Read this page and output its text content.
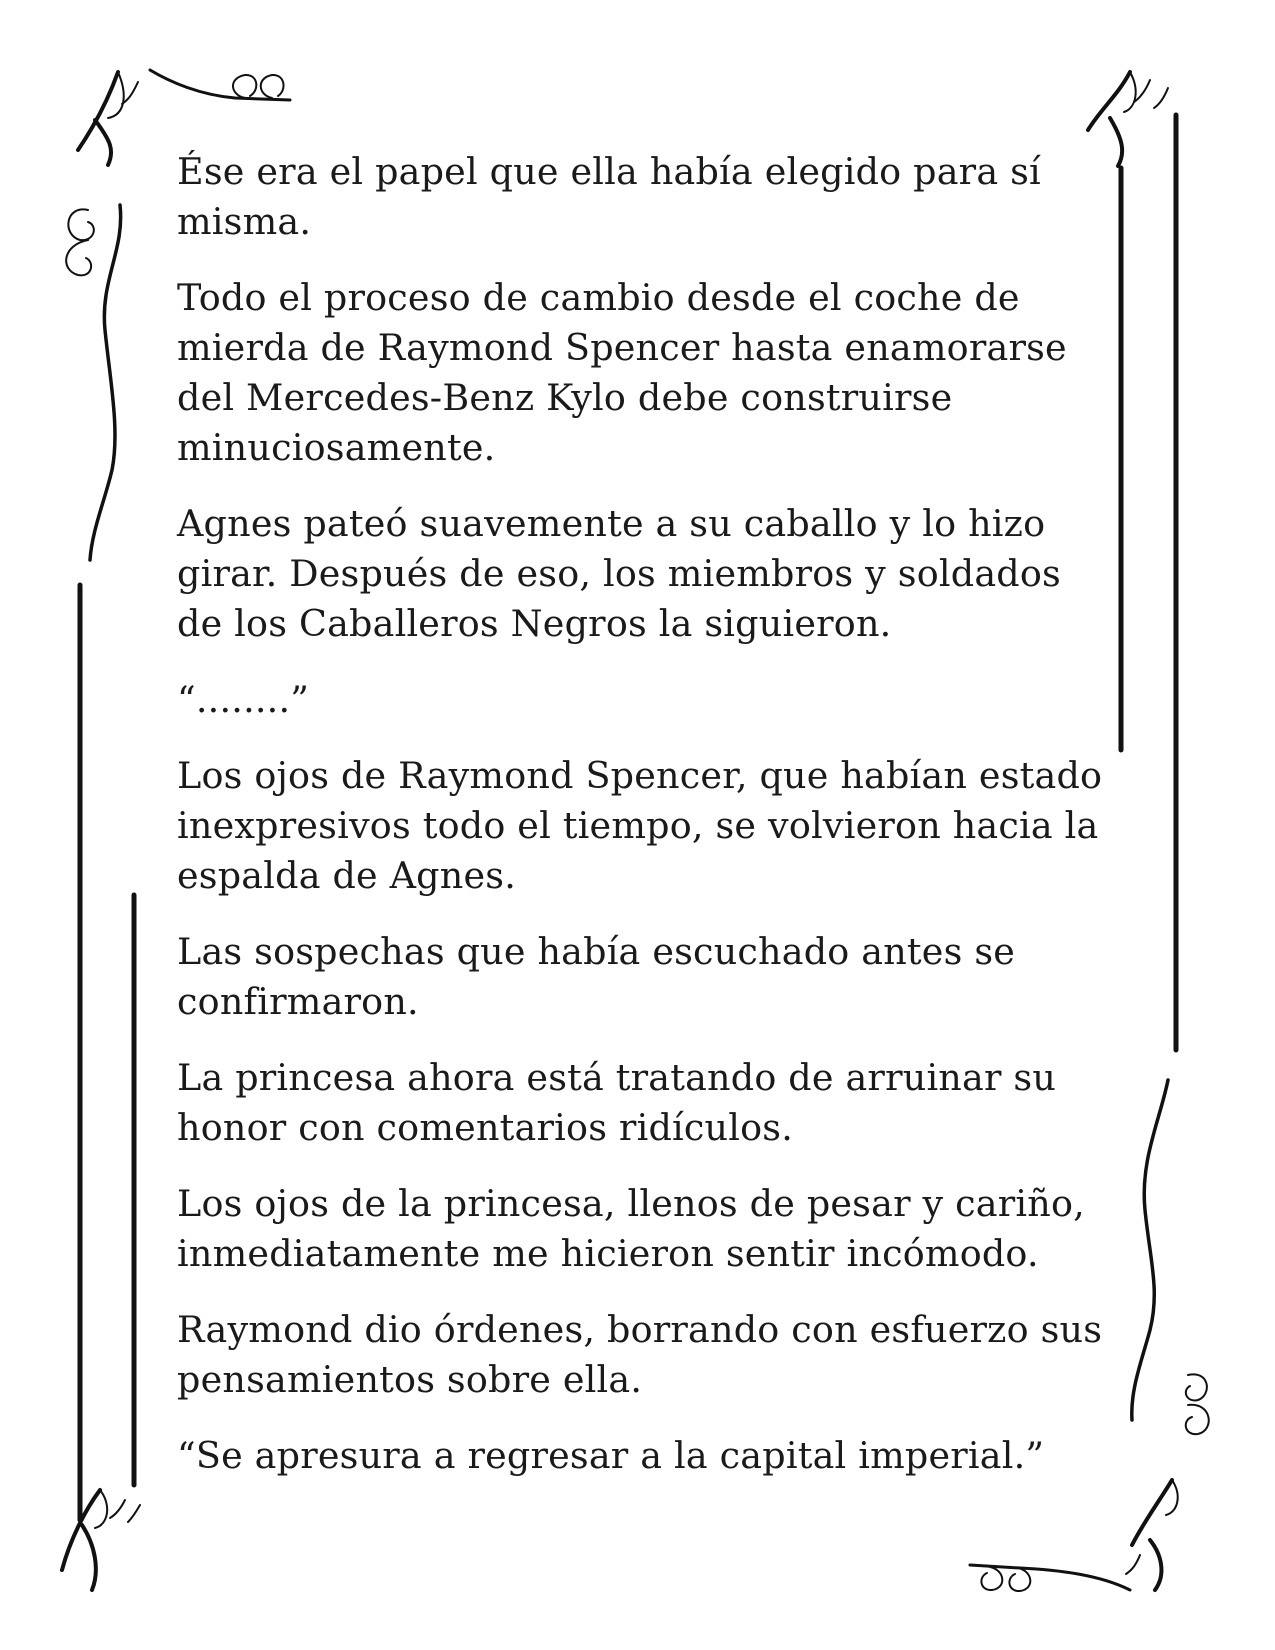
Ése era el papel que ella había elegido para sí misma.

Todo el proceso de cambio desde el coche de mierda de Raymond Spencer hasta enamorarse del Mercedes-Benz Kylo debe construirse minuciosamente.

Agnes pateó suavemente a su caballo y lo hizo girar. Después de eso, los miembros y soldados de los Caballeros Negros la siguieron.

“........”

Los ojos de Raymond Spencer, que habían estado inexpresivos todo el tiempo, se volvieron hacia la espalda de Agnes.

Las sospechas que había escuchado antes se confirmaron.

La princesa ahora está tratando de arruinar su honor con comentarios ridículos.

Los ojos de la princesa, llenos de pesar y cariño, inmediatamente me hicieron sentir incómodo.

Raymond dio órdenes, borrando con esfuerzo sus pensamientos sobre ella.

“Se apresura a regresar a la capital imperial.”
